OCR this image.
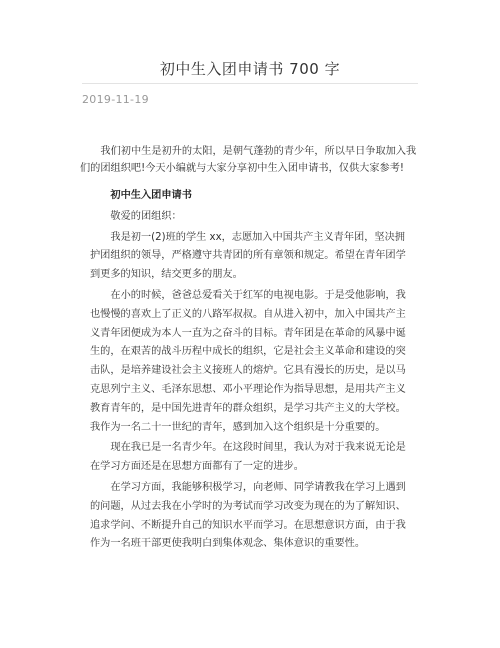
初中生入团申请书 700 字
2019-11-19

我们初中生是初升的太阳，是朝气蓬勃的青少年，所以早日争取加入我们的团组织吧!今天小编就与大家分享初中生入团申请书，仅供大家参考!

初中生入团申请书

敬爱的团组织：

我是初一(2)班的学生 xx，志愿加入中国共产主义青年团，坚决拥护团组织的领导，严格遵守共青团的所有章领和规定。希望在青年团学到更多的知识，结交更多的朋友。

在小的时候，爸爸总爱看关于红军的电视电影。于是受他影响，我也慢慢的喜欢上了正义的八路军叔叔。自从进入初中，加入中国共产主义青年团便成为本人一直为之奋斗的目标。青年团是在革命的风暴中诞生的，在艰苦的战斗历程中成长的组织，它是社会主义革命和建设的突击队，是培养建设社会主义接班人的熔炉。它具有漫长的历史，是以马克思列宁主义、毛泽东思想、邓小平理论作为指导思想，是用共产主义教育青年的，是中国先进青年的群众组织，是学习共产主义的大学校。我作为一名二十一世纪的青年，感到加入这个组织是十分重要的。

现在我已是一名青少年。在这段时间里，我认为对于我来说无论是在学习方面还是在思想方面都有了一定的进步。

在学习方面，我能够积极学习，向老师、同学请教我在学习上遇到的问题，从过去我在小学时的为考试而学习改变为现在的为了解知识、追求学问、不断提升自己的知识水平而学习。在思想意识方面，由于我作为一名班干部更使我明白到集体观念、集体意识的重要性。
